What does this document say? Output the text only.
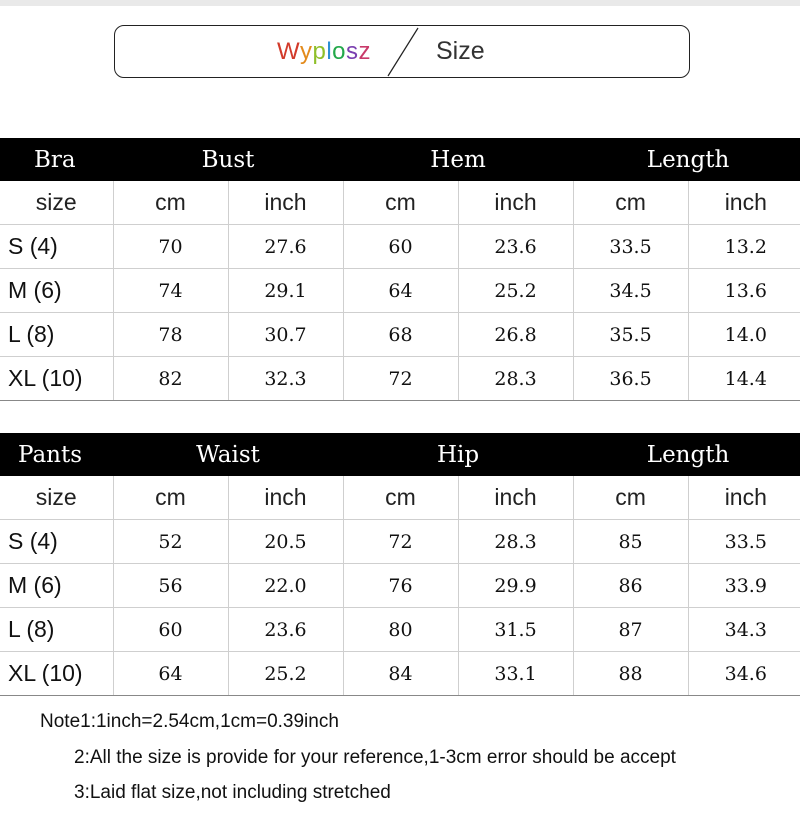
Wyplosz	Size
Bra	Bust		Hem		Length	
size	cm	inch	cm	inch	cm	inch
S (4)	70	27.6	60	23.6	33.5	13.2
M (6)	74	29.1	64	25.2	34.5	13.6
L (8)	78	30.7	68	26.8	35.5	14.0
XL (10)	82	32.3	72	28.3	36.5	14.4
Pants	Waist		Hip		Length	
size	cm	inch	cm	inch	cm	inch
S (4)	52	20.5	72	28.3	85	33.5
M (6)	56	22.0	76	29.9	86	33.9
L (8)	60	23.6	80	31.5	87	34.3
XL (10)	64	25.2	84	33.1	88	34.6
Note1:1inch=2.54cm,1cm=0.39inch
2:All the size is provide for your reference,1-3cm error should be accept
3:Laid flat size,not including stretched
